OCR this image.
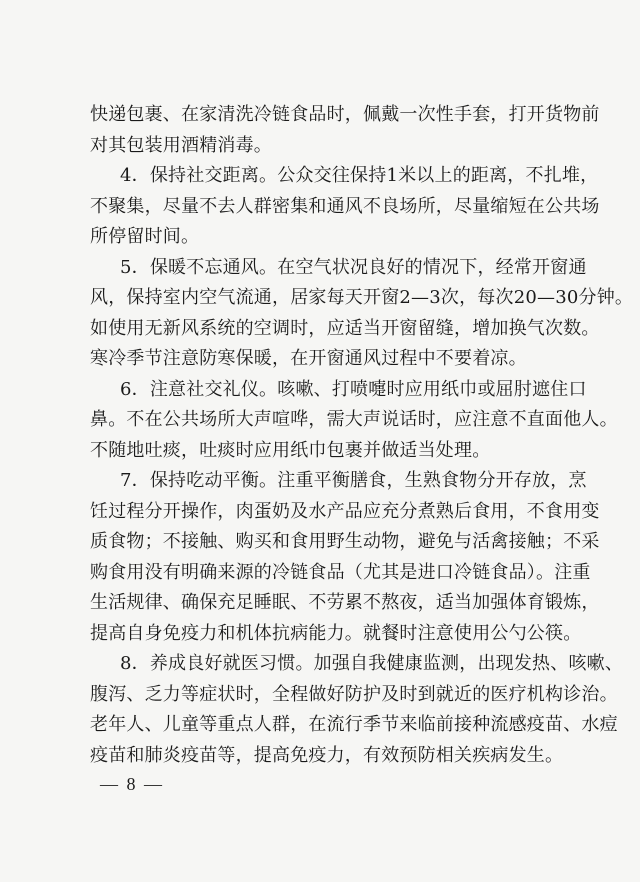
快递包裹、在家清洗冷链食品时，佩戴一次性手套，打开货物前
对其包装用酒精消毒。
4．保持社交距离。公众交往保持1米以上的距离，不扎堆，
不聚集，尽量不去人群密集和通风不良场所，尽量缩短在公共场
所停留时间。
5．保暖不忘通风。在空气状况良好的情况下，经常开窗通
风，保持室内空气流通，居家每天开窗2—3次，每次20—30分钟。
如使用无新风系统的空调时，应适当开窗留缝，增加换气次数。
寒冷季节注意防寒保暖，在开窗通风过程中不要着凉。
6．注意社交礼仪。咳嗽、打喷嚏时应用纸巾或屈肘遮住口
鼻。不在公共场所大声喧哗，需大声说话时，应注意不直面他人。
不随地吐痰，吐痰时应用纸巾包裹并做适当处理。
7．保持吃动平衡。注重平衡膳食，生熟食物分开存放，烹
饪过程分开操作，肉蛋奶及水产品应充分煮熟后食用，不食用变
质食物；不接触、购买和食用野生动物，避免与活禽接触；不采
购食用没有明确来源的冷链食品（尤其是进口冷链食品）。注重
生活规律、确保充足睡眠、不劳累不熬夜，适当加强体育锻炼，
提高自身免疫力和机体抗病能力。就餐时注意使用公勺公筷。
8．养成良好就医习惯。加强自我健康监测，出现发热、咳嗽、
腹泻、乏力等症状时，全程做好防护及时到就近的医疗机构诊治。
老年人、儿童等重点人群，在流行季节来临前接种流感疫苗、水痘
疫苗和肺炎疫苗等，提高免疫力，有效预防相关疾病发生。
— 8 —
